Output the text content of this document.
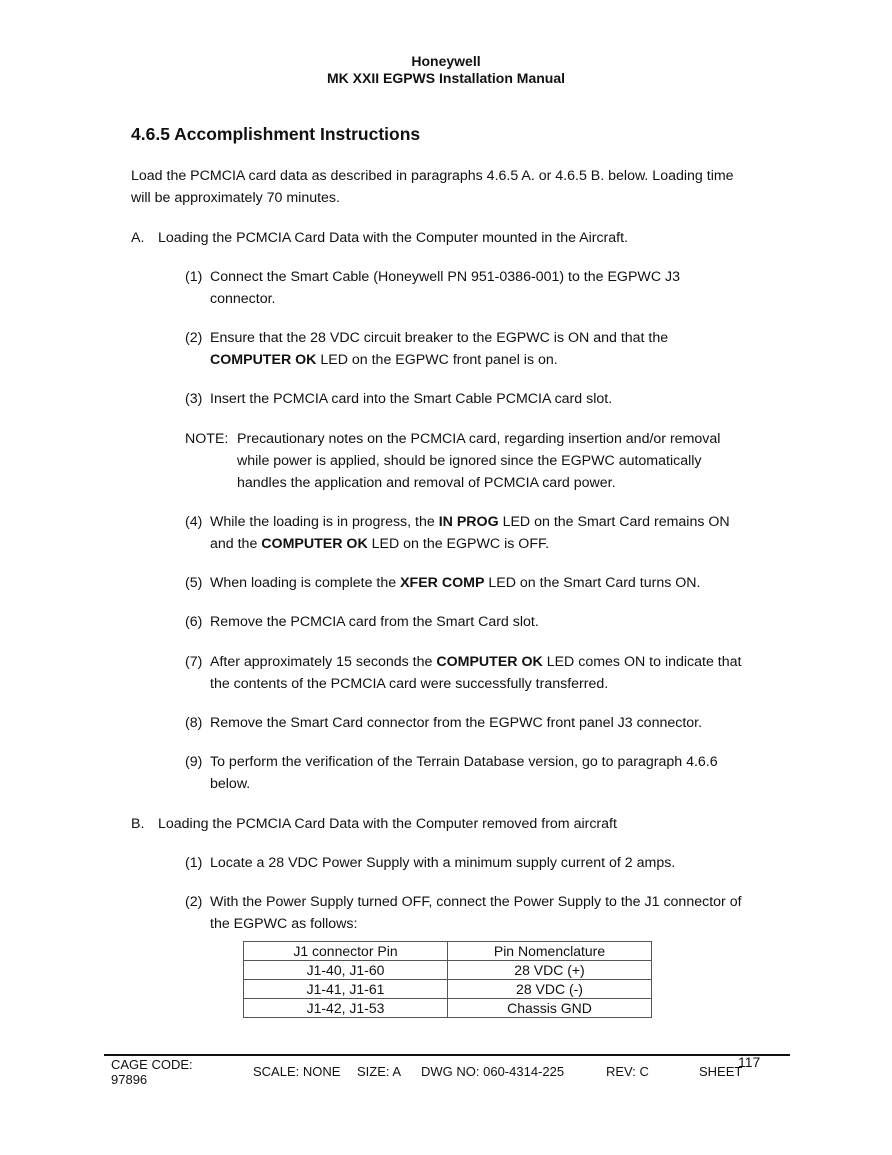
Honeywell
MK XXII EGPWS Installation Manual
4.6.5 Accomplishment Instructions
Load the PCMCIA card data as described in paragraphs 4.6.5 A. or 4.6.5 B. below. Loading time
will be approximately 70 minutes.
A. Loading the PCMCIA Card Data with the Computer mounted in the Aircraft.
(1) Connect the Smart Cable (Honeywell PN 951-0386-001) to the EGPWC J3
connector.
(2) Ensure that the 28 VDC circuit breaker to the EGPWC is ON and that the
COMPUTER OK LED on the EGPWC front panel is on.
(3) Insert the PCMCIA card into the Smart Cable PCMCIA card slot.
NOTE: Precautionary notes on the PCMCIA card, regarding insertion and/or removal
while power is applied, should be ignored since the EGPWC automatically
handles the application and removal of PCMCIA card power.
(4) While the loading is in progress, the IN PROG LED on the Smart Card remains ON
and the COMPUTER OK LED on the EGPWC is OFF.
(5) When loading is complete the XFER COMP LED on the Smart Card turns ON.
(6) Remove the PCMCIA card from the Smart Card slot.
(7) After approximately 15 seconds the COMPUTER OK LED comes ON to indicate that
the contents of the PCMCIA card were successfully transferred.
(8) Remove the Smart Card connector from the EGPWC front panel J3 connector.
(9) To perform the verification of the Terrain Database version, go to paragraph 4.6.6
below.
B. Loading the PCMCIA Card Data with the Computer removed from aircraft
(1) Locate a 28 VDC Power Supply with a minimum supply current of 2 amps.
(2) With the Power Supply turned OFF, connect the Power Supply to the J1 connector of
the EGPWC as follows:
J1 connector Pin	Pin Nomenclature
J1-40, J1-60	28 VDC (+)
J1-41, J1-61	28 VDC (-)
J1-42, J1-53	Chassis GND
CAGE CODE:
97896
SCALE: NONE SIZE: A DWG NO: 060-4314-225	REV: C	SHEET
117
